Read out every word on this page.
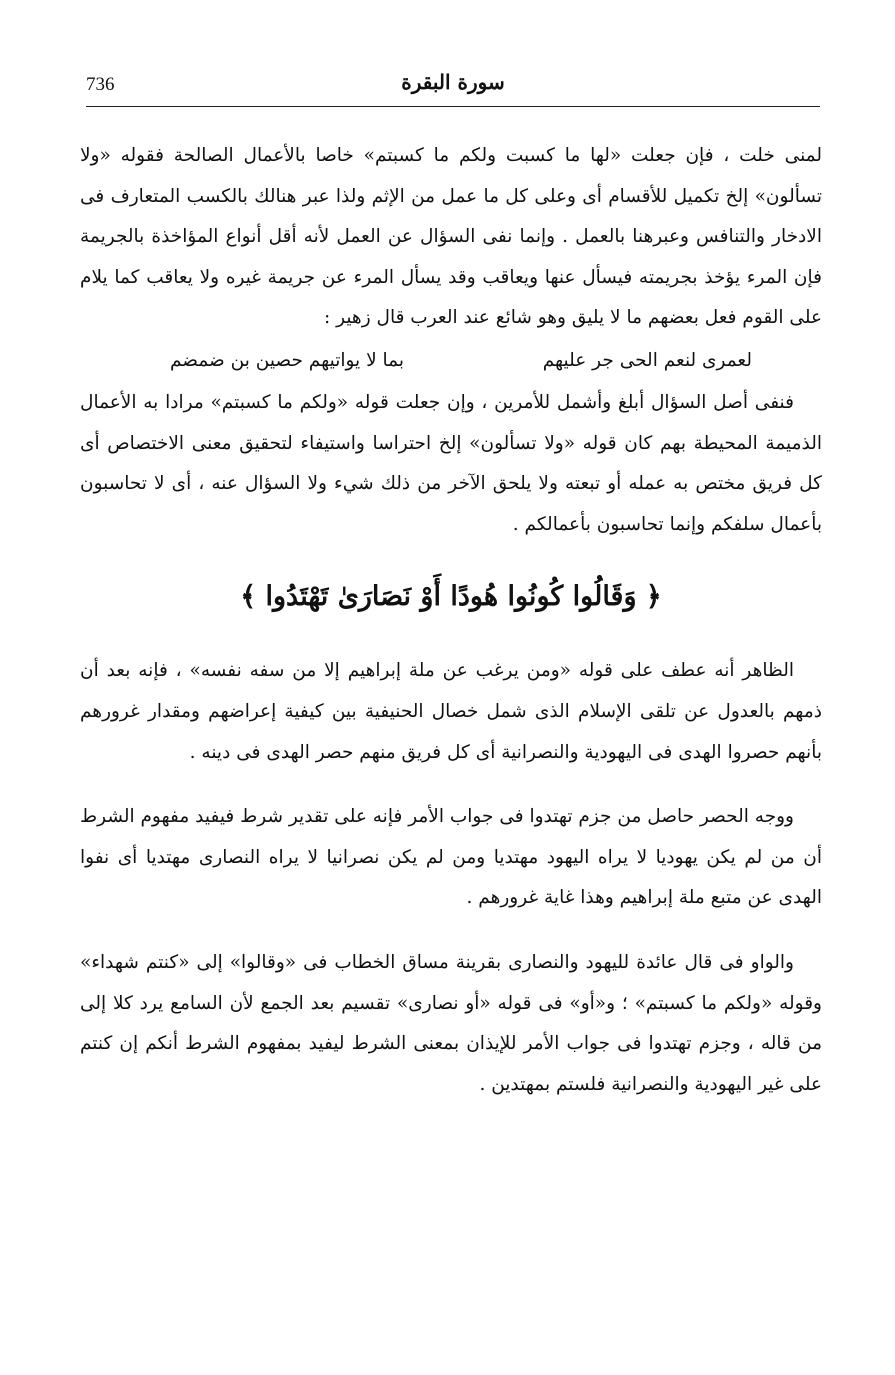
736	سورة البقرة

لمنى خلت ، فإن جعلت «لها ما كسبت ولكم ما كسبتم» خاصا بالأعمال الصالحة فقوله «ولا تسألون» إلخ تكميل للأقسام أى وعلى كل ما عمل من الإثم ولذا عبر هنالك بالكسب المتعارف فى الادخار والتنافس وعبرهنا بالعمل . وإنما نفى السؤال عن العمل لأنه أقل أنواع المؤاخذة بالجريمة فإن المرء يؤخذ بجريمته فيسأل عنها ويعاقب وقد يسأل المرء عن جريمة غيره ولا يعاقب كما يلام على القوم فعل بعضهم ما لا يليق وهو شائع عند العرب قال زهير :

لعمرى لنعم الحى جر عليهم
بما لا يواتيهم حصين بن ضمضم

فنفى أصل السؤال أبلغ وأشمل للأمرين ، وإن جعلت قوله «ولكم ما كسبتم» مرادا به الأعمال الذميمة المحيطة بهم كان قوله «ولا تسألون» إلخ احتراسا واستيفاء لتحقيق معنى الاختصاص أى كل فريق مختص به عمله أو تبعته ولا يلحق الآخر من ذلك شيء ولا السؤال عنه ، أى لا تحاسبون بأعمال سلفكم وإنما تحاسبون بأعمالكم .

﴿ وَقَالُوا كُونُوا هُودًا أَوْ نَصَارَىٰ تَهْتَدُوا ﴾

الظاهر أنه عطف على قوله «ومن يرغب عن ملة إبراهيم إلا من سفه نفسه» ، فإنه بعد أن ذمهم بالعدول عن تلقى الإسلام الذى شمل خصال الحنيفية بين كيفية إعراضهم ومقدار غرورهم بأنهم حصروا الهدى فى اليهودية والنصرانية أى كل فريق منهم حصر الهدى فى دينه .

ووجه الحصر حاصل من جزم تهتدوا فى جواب الأمر فإنه على تقدير شرط فيفيد مفهوم الشرط أن من لم يكن يهوديا لا يراه اليهود مهتديا ومن لم يكن نصرانيا لا يراه النصارى مهتديا أى نفوا الهدى عن متبع ملة إبراهيم وهذا غاية غرورهم .

والواو فى قال عائدة لليهود والنصارى بقرينة مساق الخطاب فى «وقالوا» إلى «كنتم شهداء» وقوله «ولكم ما كسبتم» ؛ و«أو» فى قوله «أو نصارى» تقسيم بعد الجمع لأن السامع يرد كلا إلى من قاله ، وجزم تهتدوا فى جواب الأمر للإيذان بمعنى الشرط ليفيد بمفهوم الشرط أنكم إن كنتم على غير اليهودية والنصرانية فلستم بمهتدين .
